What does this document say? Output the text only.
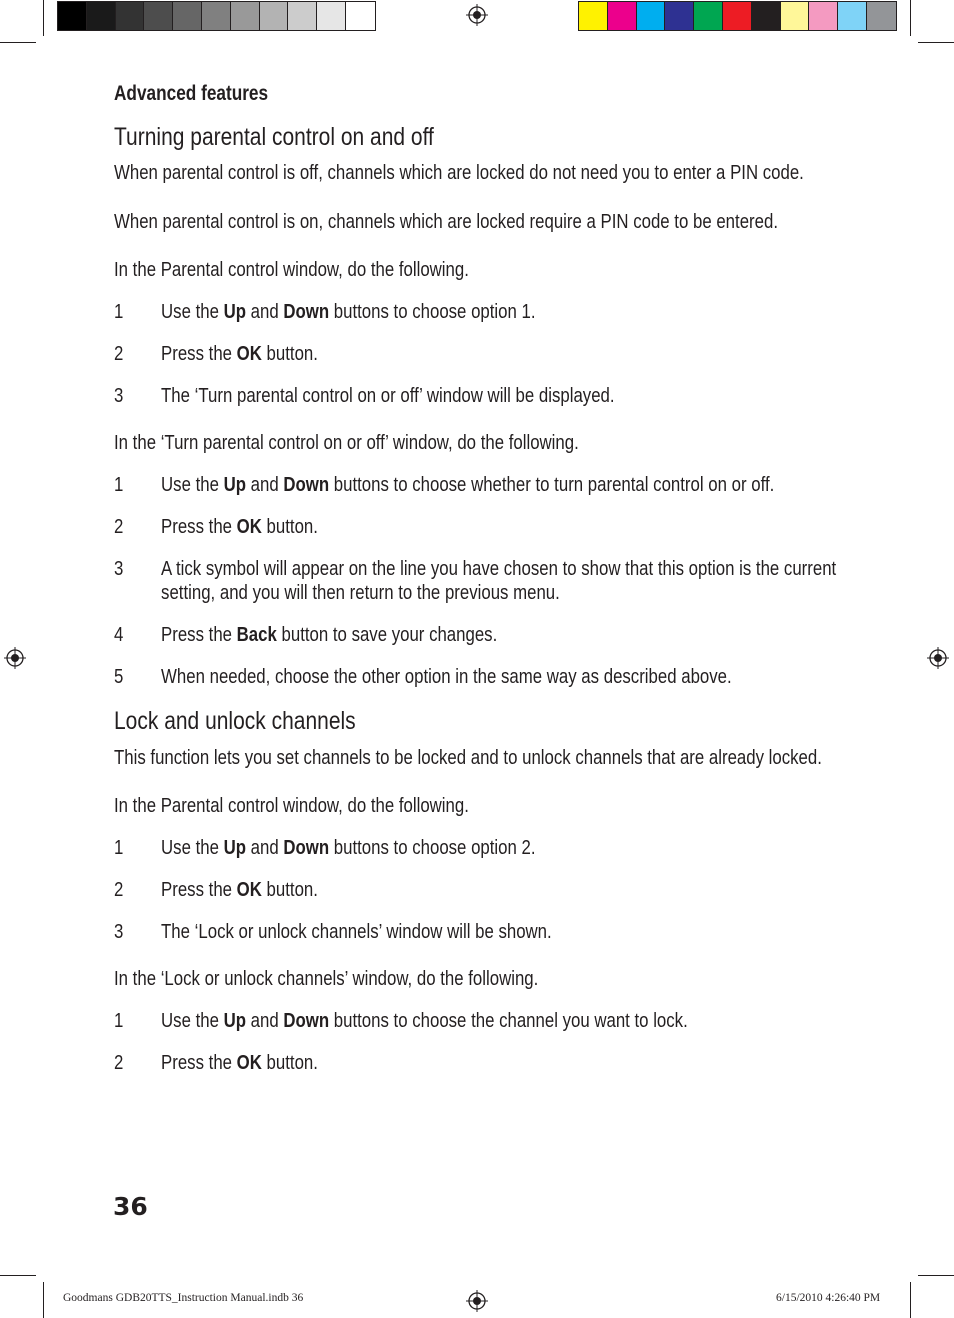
Advanced features
Turning parental control on and off

When parental control is off, channels which are locked do not need you to enter a PIN code.

When parental control is on, channels which are locked require a PIN code to be entered.

In the Parental control window, do the following.

1	Use the Up and Down buttons to choose option 1.
2	Press the OK button.
3	The ‘Turn parental control on or off’ window will be displayed.

In the ‘Turn parental control on or off’ window, do the following.

1	Use the Up and Down buttons to choose whether to turn parental control on or off.
2	Press the OK button.
3	A tick symbol will appear on the line you have chosen to show that this option is the current setting, and you will then return to the previous menu.
4	Press the Back button to save your changes.
5	When needed, choose the other option in the same way as described above.
Lock and unlock channels

This function lets you set channels to be locked and to unlock channels that are already locked.

In the Parental control window, do the following.

1	Use the Up and Down buttons to choose option 2.
2	Press the OK button.
3	The ‘Lock or unlock channels’ window will be shown.

In the ‘Lock or unlock channels’ window, do the following.

1	Use the Up and Down buttons to choose the channel you want to lock.
2	Press the OK button.
36
Goodmans GDB20TTS_Instruction Manual.indb 36	6/15/2010 4:26:40 PM
